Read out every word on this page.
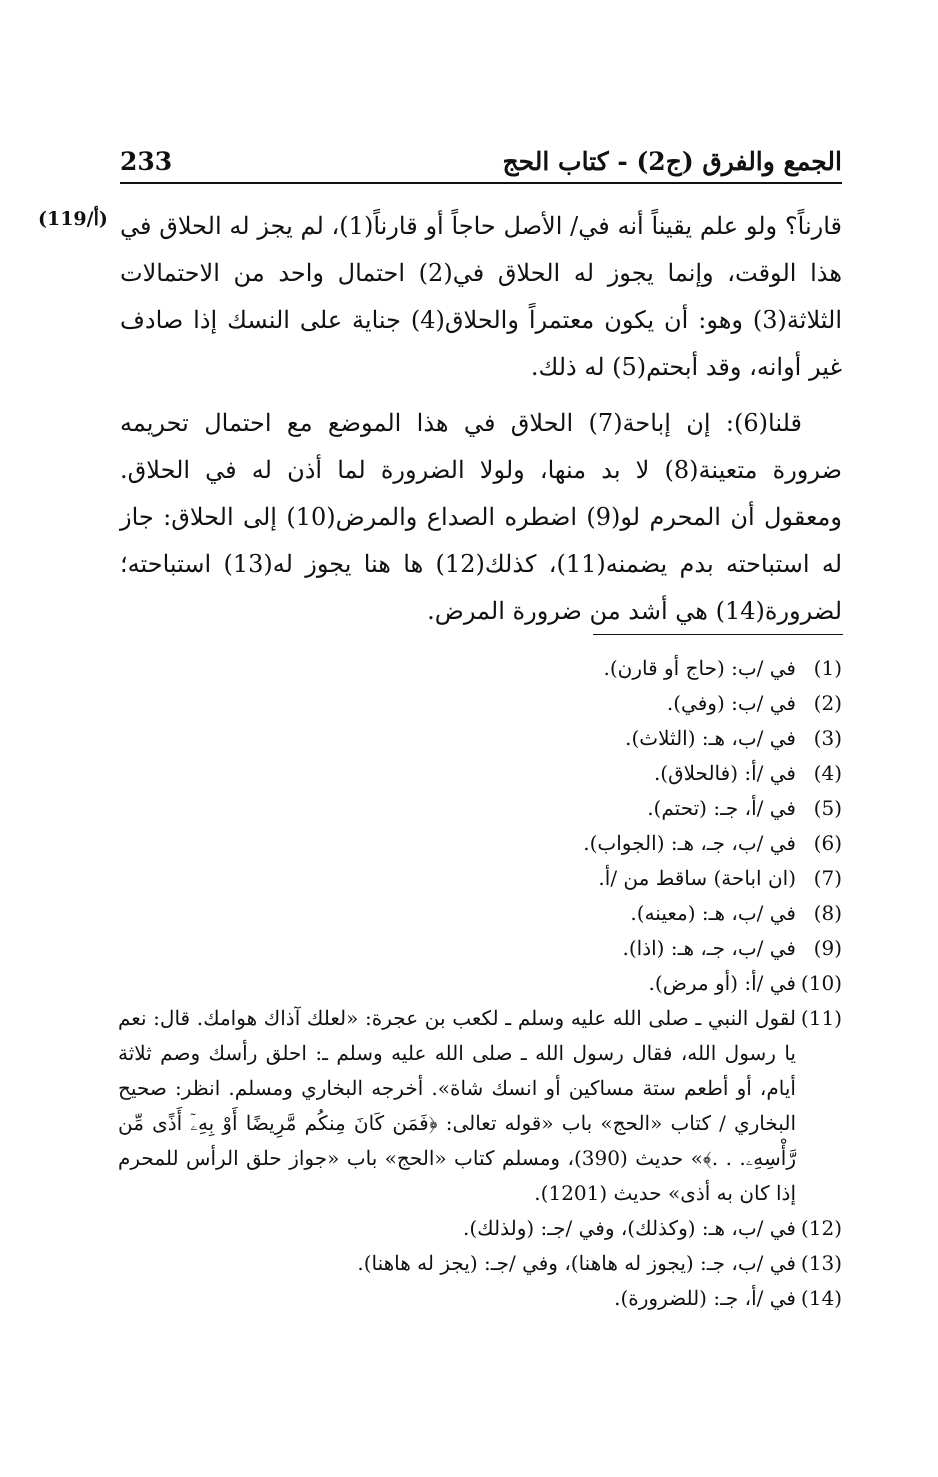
الجمع والفرق (ج2) - كتاب الحج
233
(119/أ) قارناً؟ ولو علم يقيناً أنه في/ الأصل حاجاً أو قارناً(1)، لم يجز له الحلاق في هذا الوقت، وإنما يجوز له الحلاق في(2) احتمال واحد من الاحتمالات الثلاثة(3) وهو: أن يكون معتمراً والحلاق(4) جناية على النسك إذا صادف غير أوانه، وقد أبحتم(5) له ذلك.
قلنا(6): إن إباحة(7) الحلاق في هذا الموضع مع احتمال تحريمه ضرورة متعينة(8) لا بد منها، ولولا الضرورة لما أذن له في الحلاق. ومعقول أن المحرم لو(9) اضطره الصداع والمرض(10) إلى الحلاق: جاز له استباحته بدم يضمنه(11)، كذلك(12) ها هنا يجوز له(13) استباحته؛ لضرورة(14) هي أشد من ضرورة المرض.
(1)
في /ب: (حاج أو قارن).
(2)
في /ب: (وفي).
(3)
في /ب، هـ: (الثلاث).
(4)
في /أ: (فالحلاق).
(5)
في /أ، جـ: (تحتم).
(6)
في /ب، جـ، هـ: (الجواب).
(7)
(ان اباحة) ساقط من /أ.
(8)
في /ب، هـ: (معينه).
(9)
في /ب، جـ، هـ: (اذا).
(10)
في /أ: (أو مرض).
(11)
لقول النبي ـ صلى الله عليه وسلم ـ لكعب بن عجرة: «لعلك آذاك هوامك. قال: نعم يا رسول الله، فقال رسول الله ـ صلى الله عليه وسلم ـ: احلق رأسك وصم ثلاثة أيام، أو أطعم ستة مساكين أو انسك شاة». أخرجه البخاري ومسلم. انظر: صحيح البخاري / كتاب «الحج» باب «قوله تعالى: ﴿فَمَن كَانَ مِنكُم مَّرِيضًا أَوْ بِهِۦٓ أَذًى مِّن رَّأْسِهِۦ. . .﴾» حديث (390)، ومسلم كتاب «الحج» باب «جواز حلق الرأس للمحرم إذا كان به أذى» حديث (1201).
(12)
في /ب، هـ: (وكذلك)، وفي /جـ: (ولذلك).
(13)
في /ب، جـ: (يجوز له هاهنا)، وفي /جـ: (يجز له هاهنا).
(14)
في /أ، جـ: (للضرورة).
